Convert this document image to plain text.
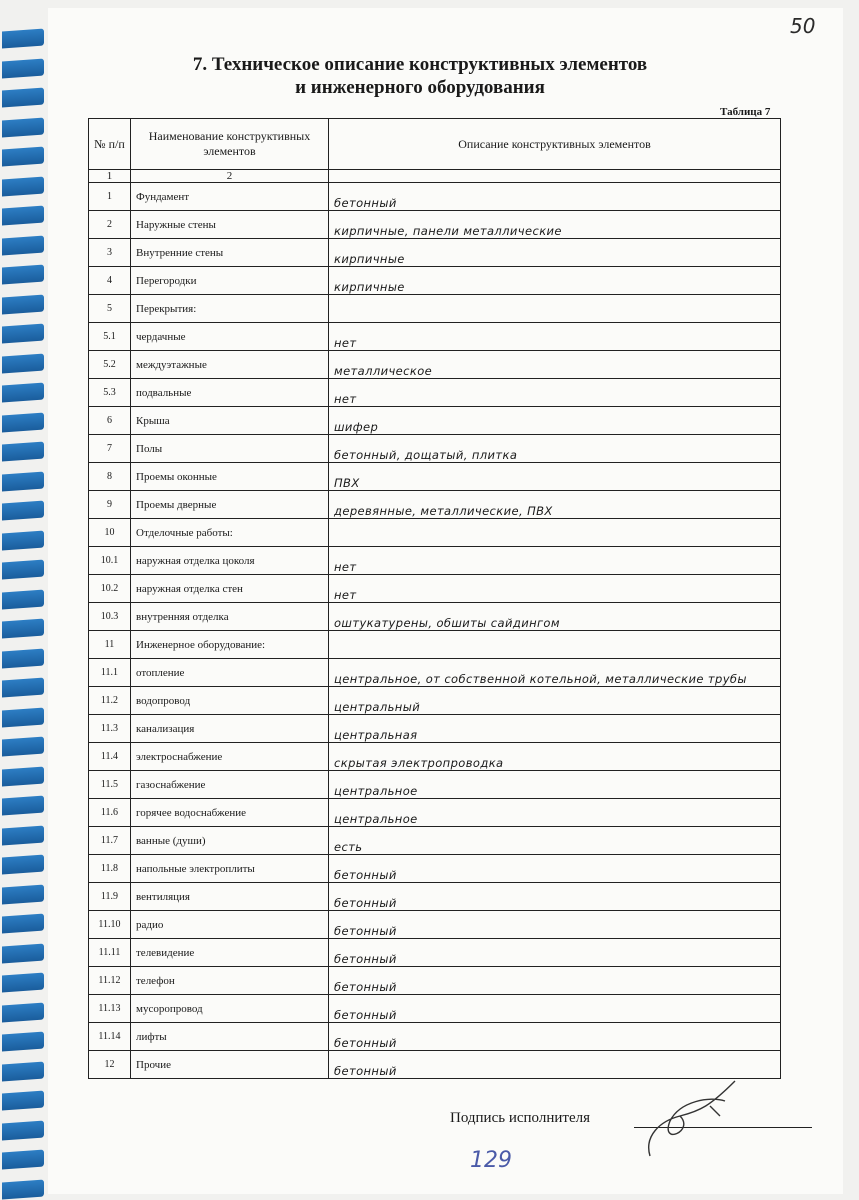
50
7. Техническое описание конструктивных элементов
и инженерного оборудования
Таблица 7
№ п/п	Наименование конструктивных элементов	Описание конструктивных элементов
1	2	
1	Фундамент	бетонный
2	Наружные стены	кирпичные, панели металлические
3	Внутренние стены	кирпичные
4	Перегородки	кирпичные
5	Перекрытия:	
5.1	чердачные	нет
5.2	междуэтажные	металлическое
5.3	подвальные	нет
6	Крыша	шифер
7	Полы	бетонный, дощатый, плитка
8	Проемы оконные	ПВХ
9	Проемы дверные	деревянные, металлические, ПВХ
10	Отделочные работы:	
10.1	наружная отделка цоколя	нет
10.2	наружная отделка стен	нет
10.3	внутренняя отделка	оштукатурены, обшиты сайдингом
11	Инженерное оборудование:	
11.1	отопление	центральное, от собственной котельной, металлические трубы
11.2	водопровод	центральный
11.3	канализация	центральная
11.4	электроснабжение	скрытая электропроводка
11.5	газоснабжение	центральное
11.6	горячее водоснабжение	центральное
11.7	ванные (души)	есть
11.8	напольные электроплиты	бетонный
11.9	вентиляция	бетонный
11.10	радио	бетонный
11.11	телевидение	бетонный
11.12	телефон	бетонный
11.13	мусоропровод	бетонный
11.14	лифты	бетонный
12	Прочие	бетонный
Подпись исполнителя
129
